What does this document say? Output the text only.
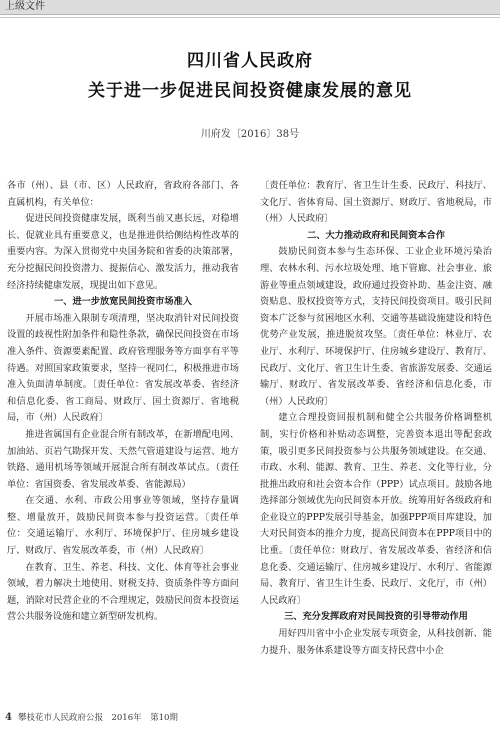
上级文件
四川省人民政府
关于进一步促进民间投资健康发展的意见
川府发〔2016〕38号

各市（州）、县（市、区）人民政府，省政府各部门、各直属机构，有关单位：

促进民间投资健康发展，既利当前又惠长远，对稳增长、促就业具有重要意义，也是推进供给侧结构性改革的重要内容。为深入贯彻党中央国务院和省委的决策部署，充分挖掘民间投资潜力、提振信心、激发活力，推动我省经济持续健康发展，现提出如下意见。

一、进一步放宽民间投资市场准入

开展市场准入限制专项清理，坚决取消针对民间投资设置的歧视性附加条件和隐性条款，确保民间投资在市场准入条件、资源要素配置、政府管理服务等方面享有平等待遇。对照国家政策要求，坚持一视同仁，积极推进市场准入负面清单制度。〔责任单位：省发展改革委、省经济和信息化委、省工商局、财政厅、国土资源厅、省地税局，市（州）人民政府〕

推进省属国有企业混合所有制改革，在新增配电网、加油站、页岩气勘探开发、天然气管道建设与运营、地方铁路、通用机场等领域开展混合所有制改革试点。（责任单位：省国资委、省发展改革委、省能源局）

在交通、水利、市政公用事业等领域，坚持存量调整、增量放开，鼓励民间资本参与投资运营。〔责任单位：交通运输厅、水利厅、环境保护厅、住房城乡建设厅、财政厅、省发展改革委，市（州）人民政府〕

在教育、卫生、养老、科技、文化、体育等社会事业领域，着力解决土地使用、财税支持、资质条件等方面问题，消除对民营企业的不合理规定，鼓励民间资本投资运营公共服务设施和建立新型研发机构。

〔责任单位：教育厅、省卫生计生委、民政厅、科技厅、文化厅、省体育局、国土资源厅、财政厅、省地税局，市（州）人民政府〕

二、大力推动政府和民间资本合作

鼓励民间资本参与生态环保、工业企业环境污染治理、农林水利、污水垃圾处理、地下管廊、社会事业、旅游业等重点领域建设，政府通过投资补助、基金注资、融资贴息、股权投资等方式，支持民间投资项目。吸引民间资本广泛参与贫困地区水利、交通等基础设施建设和特色优势产业发展，推进脱贫攻坚。〔责任单位：林业厅、农业厅、水利厅、环境保护厅、住房城乡建设厅、教育厅、民政厅、文化厅、省卫生计生委、省旅游发展委、交通运输厅、财政厅、省发展改革委、省经济和信息化委，市（州）人民政府〕

建立合理投资回报机制和健全公共服务价格调整机制，实行价格和补贴动态调整，完善资本退出等配套政策，吸引更多民间投资参与公共服务领域建设。在交通、市政、水利、能源、教育、卫生、养老、文化等行业，分批推出政府和社会资本合作（PPP）试点项目。鼓励各地选择部分领域优先向民间资本开放。统筹用好各级政府和企业设立的PPP发展引导基金，加强PPP项目库建设，加大对民间资本的推介力度，提高民间资本在PPP项目中的比重。〔责任单位：财政厅、省发展改革委、省经济和信息化委、交通运输厅、住房城乡建设厅、水利厅、省能源局、教育厅、省卫生计生委、民政厅、文化厅，市（州）人民政府〕

三、充分发挥政府对民间投资的引导带动作用

用好四川省中小企业发展专项资金，从科技创新、能力提升、服务体系建设等方面支持民营中小企

4 攀枝花市人民政府公报　2016年　第10期
